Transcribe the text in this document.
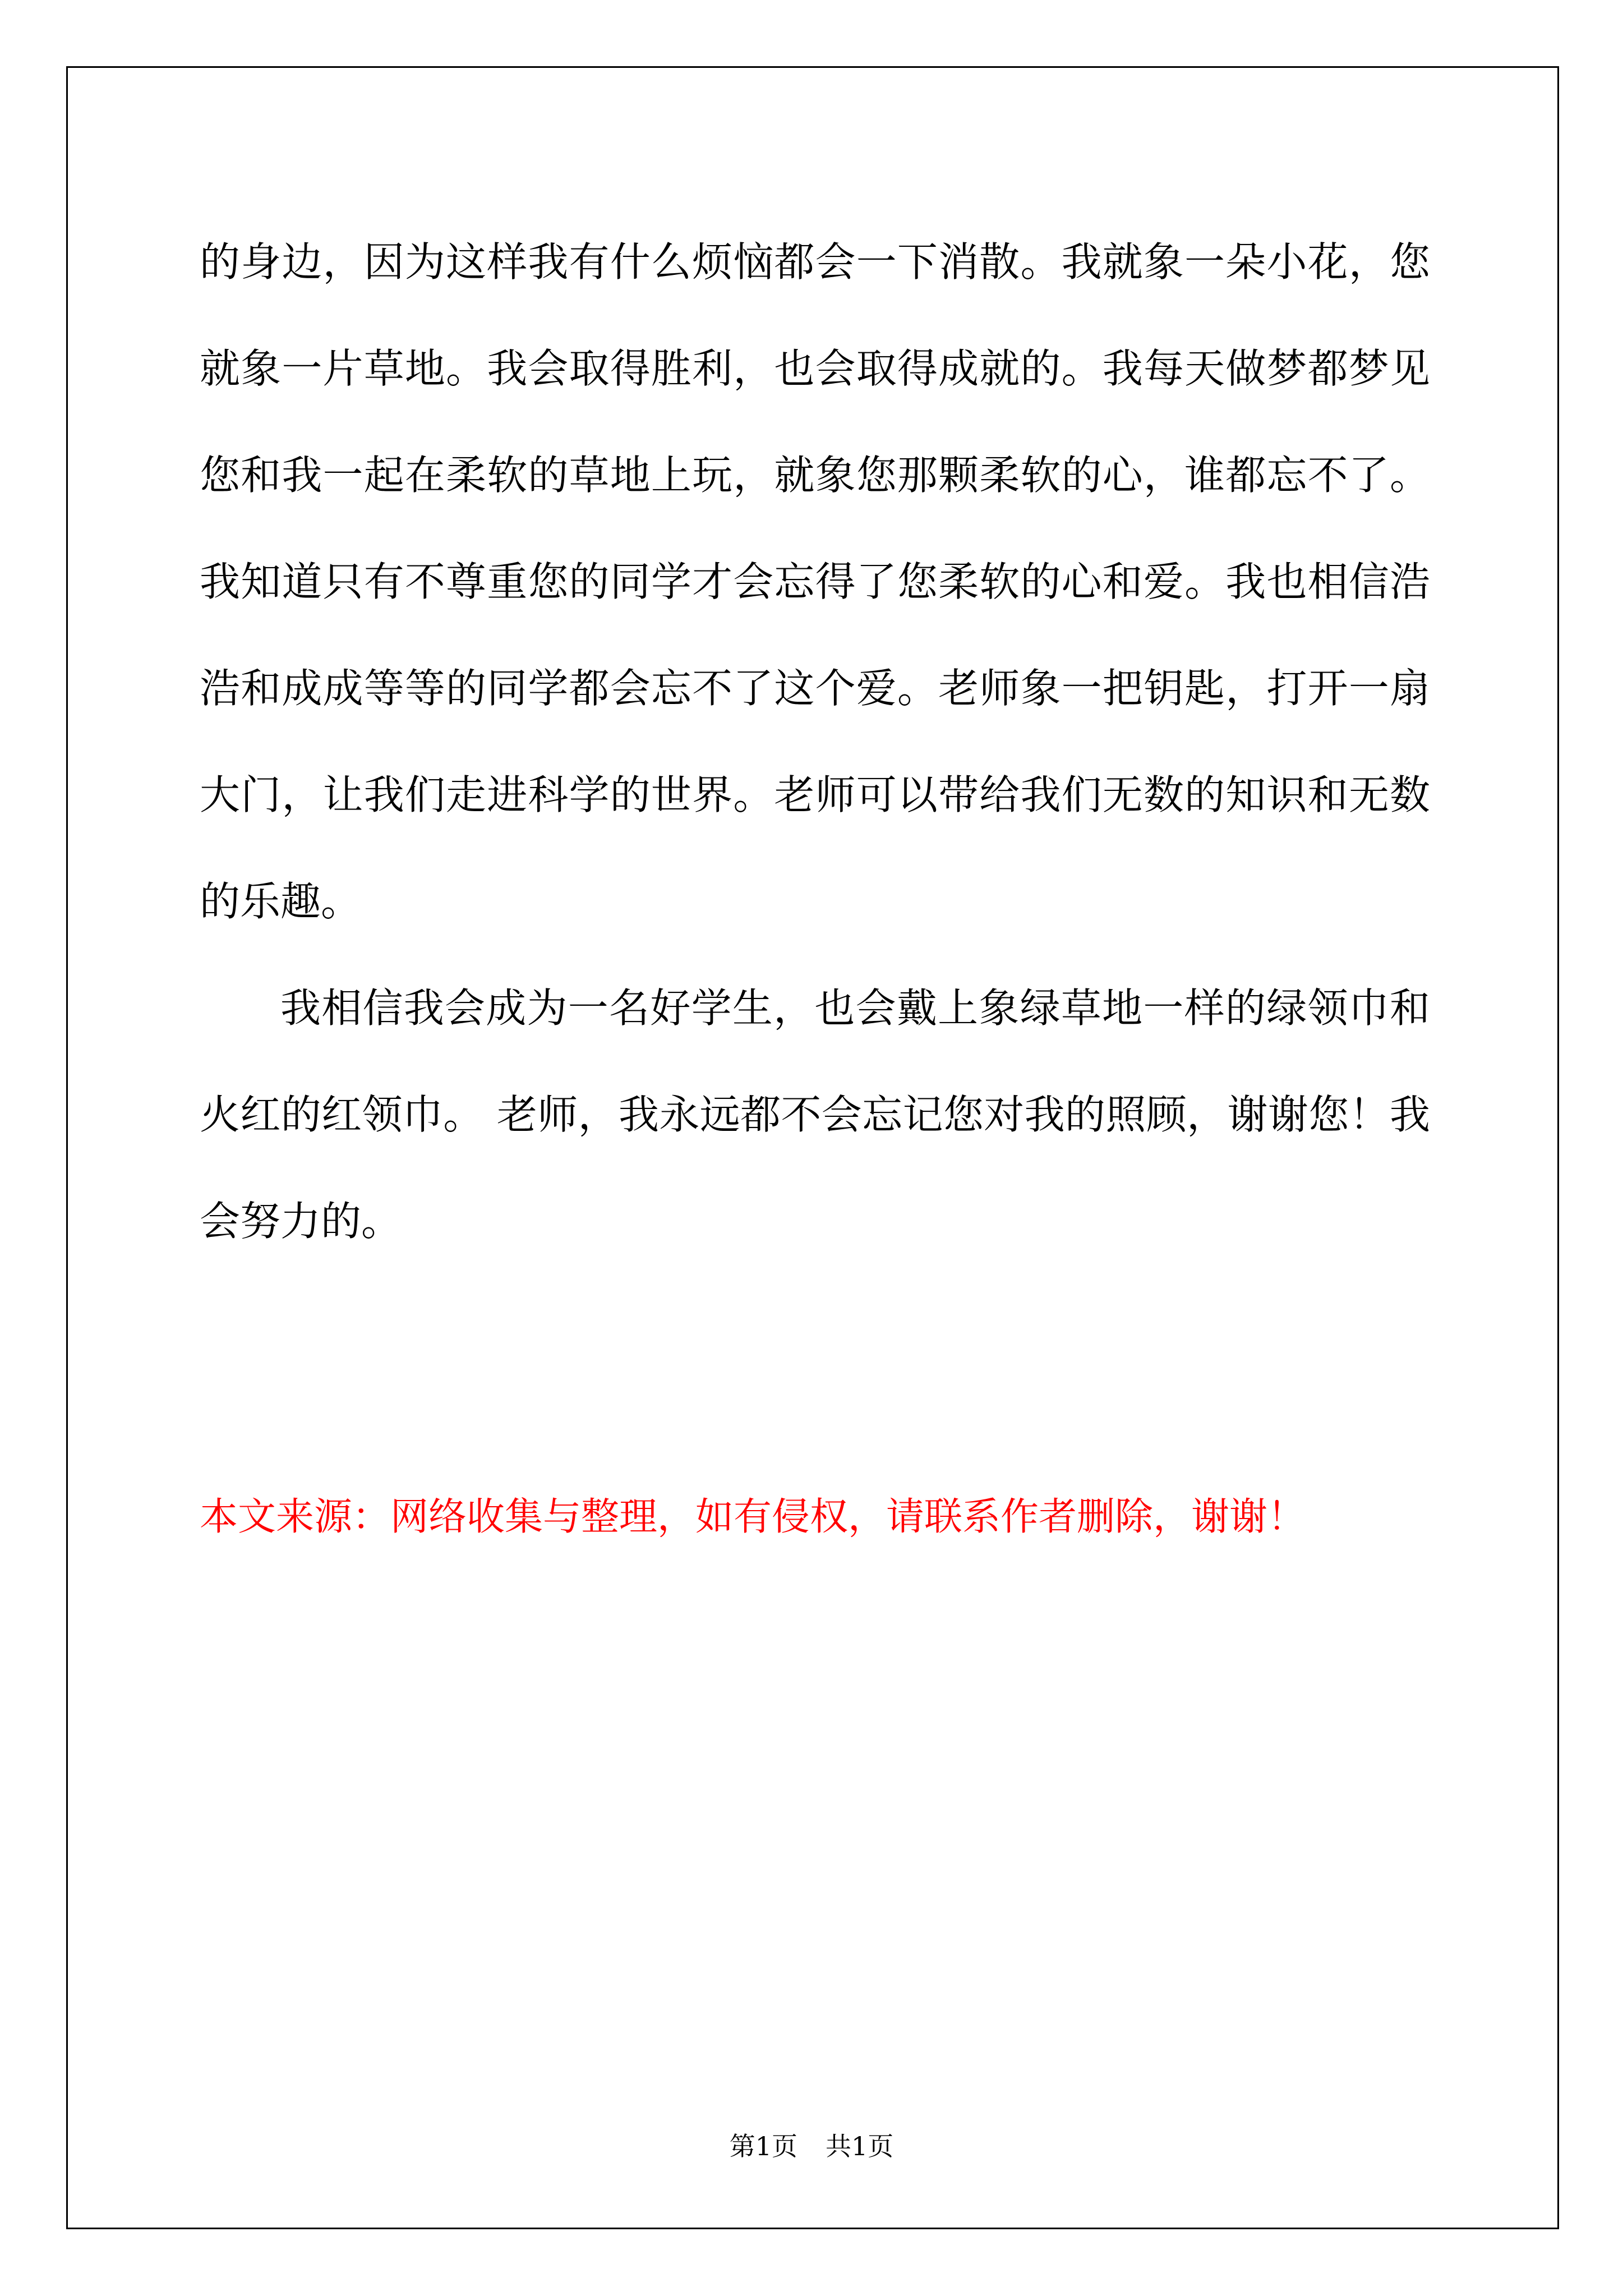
的身边，因为这样我有什么烦恼都会一下消散。我就象一朵小花，您就象一片草地。我会取得胜利，也会取得成就的。我每天做梦都梦见您和我一起在柔软的草地上玩，就象您那颗柔软的心，谁都忘不了。我知道只有不尊重您的同学才会忘得了您柔软的心和爱。我也相信浩浩和成成等等的同学都会忘不了这个爱。老师象一把钥匙，打开一扇大门，让我们走进科学的世界。老师可以带给我们无数的知识和无数的乐趣。

我相信我会成为一名好学生，也会戴上象绿草地一样的绿领巾和火红的红领巾。 老师，我永远都不会忘记您对我的照顾，谢谢您！我会努力的。

本文来源：网络收集与整理，如有侵权，请联系作者删除，谢谢！
第1页 共1页
